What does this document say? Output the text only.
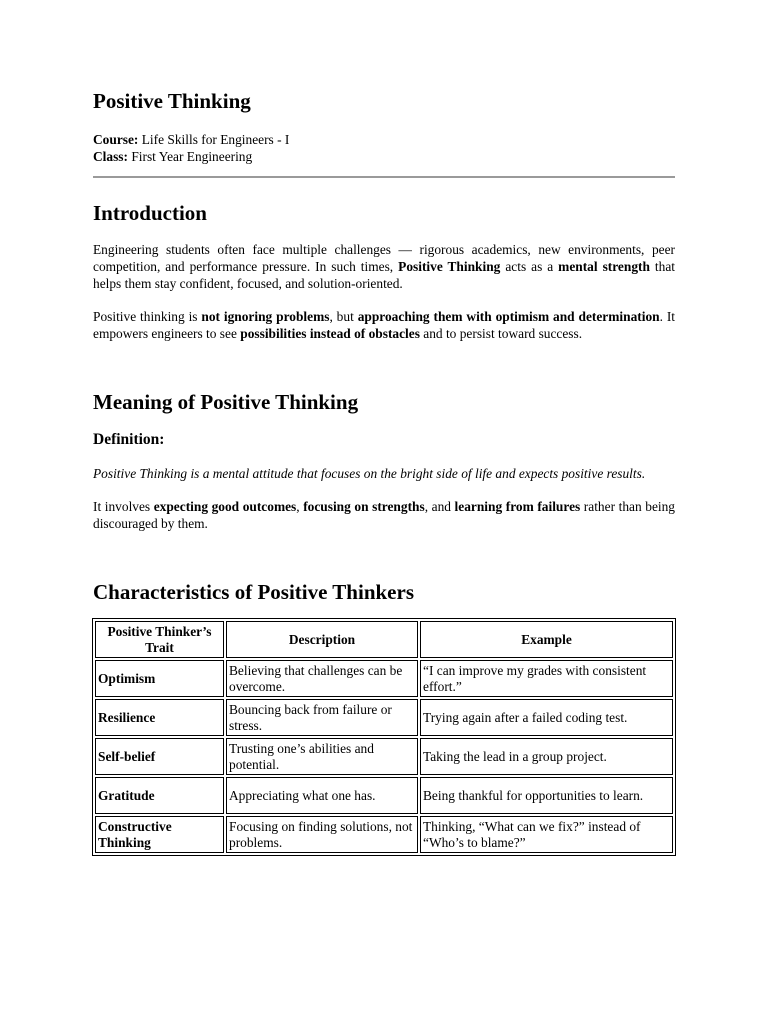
Positive Thinking
Course: Life Skills for Engineers - I
Class: First Year Engineering
Introduction

Engineering students often face multiple challenges — rigorous academics, new environments, peer competition, and performance pressure. In such times, Positive Thinking acts as a mental strength that helps them stay confident, focused, and solution-oriented.

Positive thinking is not ignoring problems, but approaching them with optimism and determination. It empowers engineers to see possibilities instead of obstacles and to persist toward success.

Meaning of Positive Thinking
Definition:

Positive Thinking is a mental attitude that focuses on the bright side of life and expects positive results.

It involves expecting good outcomes, focusing on strengths, and learning from failures rather than being discouraged by them.

Characteristics of Positive Thinkers
Positive Thinker’s Trait	Description	Example
Optimism	Believing that challenges can be overcome.	“I can improve my grades with consistent effort.”
Resilience	Bouncing back from failure or stress.	Trying again after a failed coding test.
Self-belief	Trusting one’s abilities and potential.	Taking the lead in a group project.
Gratitude	Appreciating what one has.	Being thankful for opportunities to learn.
Constructive Thinking	Focusing on finding solutions, not problems.	Thinking, “What can we fix?” instead of “Who’s to blame?”
